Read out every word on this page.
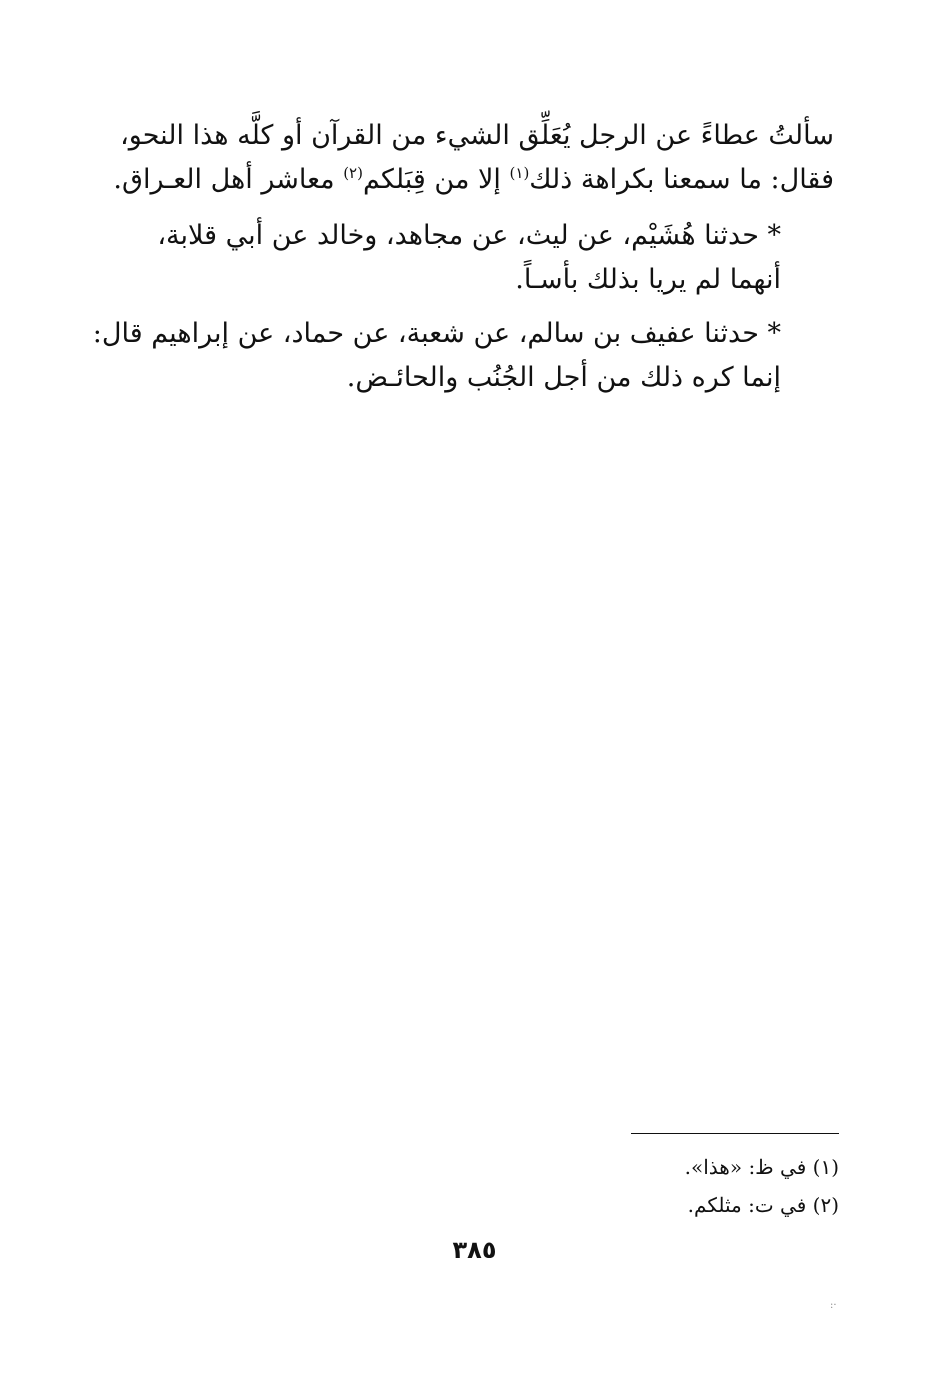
سألتُ عطاءً عن الرجل يُعَلِّق الشيء من القرآن أو كلَّه هذا النحو،
فقال: ما سمعنا بكراهة ذلك$^{(١)}$ إلا من قِبَلكم$^{(٢)}$ معاشر أهل العـراق.
* حدثنا هُشَيْم، عن ليث، عن مجاهد، وخالد عن أبي قلابة،
أنهما لم يريا بذلك بأسـاً.
* حدثنا عفيف بن سالم، عن شعبة، عن حماد، عن إبراهيم قال:
إنما كره ذلك من أجل الجُنُب والحائـض.
(١) في ظ: «هذا».
(٢) في ت: مثلكم.
٣٨٥
·:
